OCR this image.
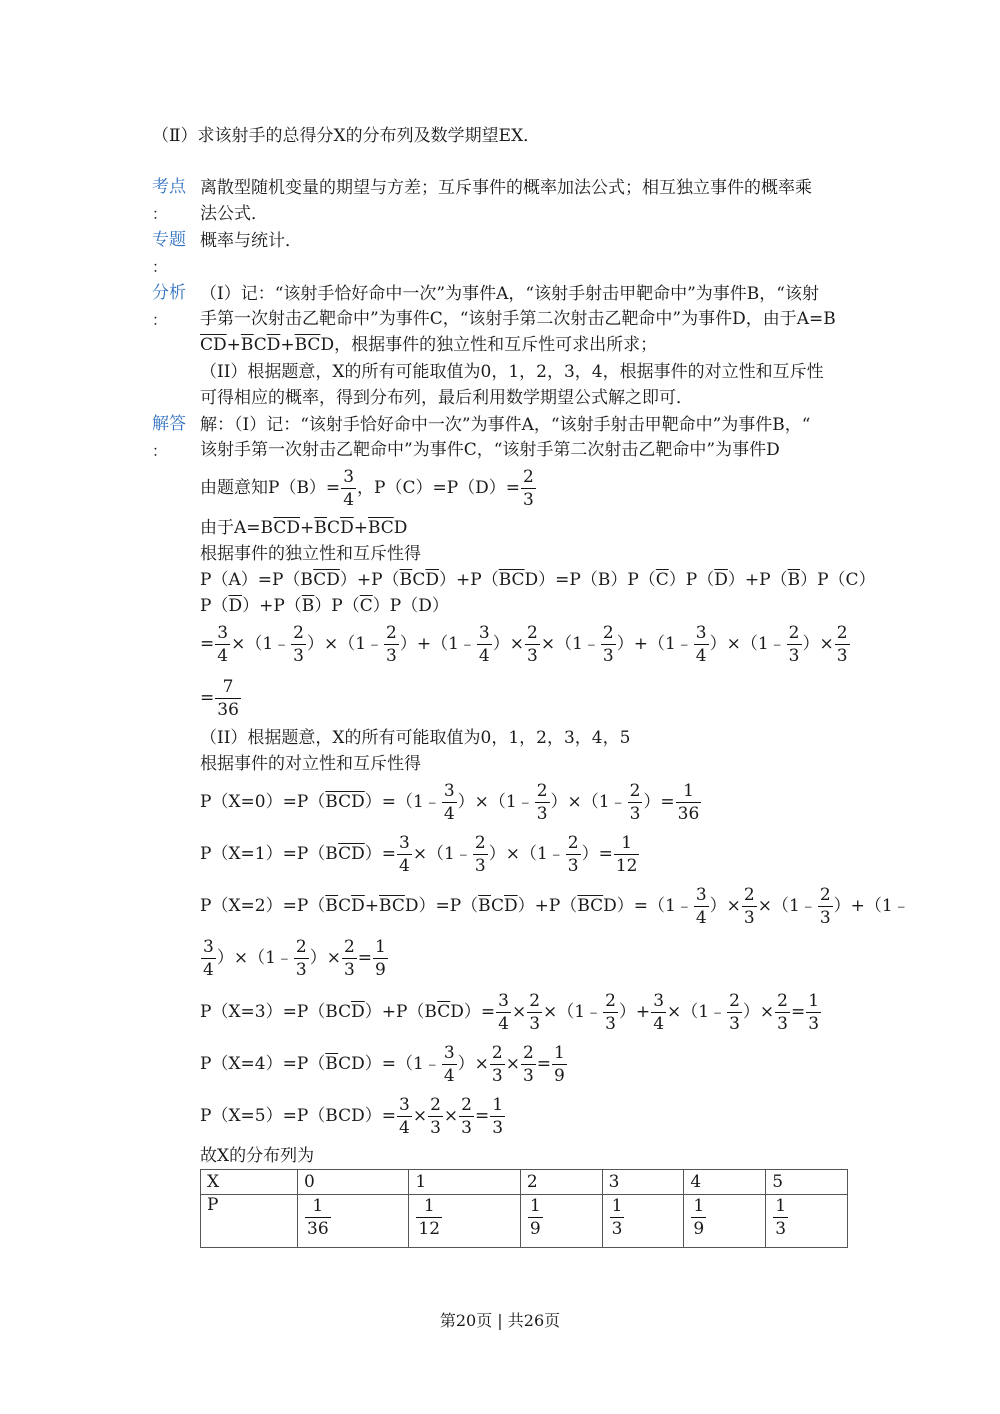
（Ⅱ）求该射手的总得分X的分布列及数学期望EX．
考点
：
离散型随机变量的期望与方差；互斥事件的概率加法公式；相互独立事件的概率乘
法公式．
专题
：
概率与统计．
分析
：
（I）记：“该射手恰好命中一次”为事件A，“该射手射击甲靶命中”为事件B，“该射
手第一次射击乙靶命中”为事件C，“该射手第二次射击乙靶命中”为事件D，由于A=B
$\overline{CD}+\overline{B}C\overline{D}+\overline{BC}D$，根据事件的独立性和互斥性可求出所求；
（II）根据题意，X的所有可能取值为0，1，2，3，4，根据事件的对立性和互斥性
可得相应的概率，得到分布列，最后利用数学期望公式解之即可．
解答
：
解：（I）记：“该射手恰好命中一次”为事件A，“该射手射击甲靶命中”为事件B，“
该射手第一次射击乙靶命中”为事件C，“该射手第二次射击乙靶命中”为事件D
由题意知$P(B)= \frac{3}{4}$ ，$P(C)=P(D)= \frac{2}{3}$
由于$A=B\overline{CD}+\overline{B}C\overline{D}+\overline{BC}D$
根据事件的独立性和互斥性得
$P(A)=P(B\overline{CD})+P(\overline{B}C\overline{D})+P(\overline{BC}D)=P(B)P(\overline{C})P(\overline{D})+P(\overline{B})P(C)$
$P(\overline{D})+P(\overline{B})P(\overline{C})P(D)$
= $\frac{3}{4}$ ×（1﹣ $\frac{2}{3}$ ）×（1﹣ $\frac{2}{3}$ ）+（1﹣ $\frac{3}{4}$ ）× $\frac{2}{3}$ ×（1﹣ $\frac{2}{3}$ ）+（1﹣ $\frac{3}{4}$ ）×（1﹣ $\frac{2}{3}$ ）× $\frac{2}{3}$
= $\frac{7}{36}$
（II）根据题意，X的所有可能取值为0，1，2，3，4，5
根据事件的对立性和互斥性得
$P(X=0)=P(\overline{BCD})=(1﹣ \frac{3}{4}$ ）×（1﹣ $\frac{2}{3}$ ）×（1﹣ $\frac{2}{3}$ ）= $\frac{1}{36}$
$P(X=1)=P(B\overline{CD})= \frac{3}{4}$ ×（1﹣ $\frac{2}{3}$ ）×（1﹣ $\frac{2}{3}$ ）= $\frac{1}{12}$
$P(X=2)=P(\overline{B}C\overline{D}+\overline{BC}D)=P(\overline{B}C\overline{D})+P(\overline{BC}D)=(1﹣ \frac{3}{4}$ ）× $\frac{2}{3}$ ×（1﹣ $\frac{2}{3}$ ）+（1﹣
$\frac{3}{4}$ ）×（1﹣ $\frac{2}{3}$ ）× $\frac{2}{3} = \frac{1}{9}$
$P(X=3)=P(BC\overline{D})+P(B\overline{C}D)= \frac{3}{4} \times \frac{2}{3}$ ×（1﹣ $\frac{2}{3}$ ）+ $\frac{3}{4}$ ×（1﹣ $\frac{2}{3}$ ）× $\frac{2}{3} = \frac{1}{3}$
$P(X=4)=P(\overline{B}CD)=(1﹣ \frac{3}{4}$ ）× $\frac{2}{3} \times \frac{2}{3} = \frac{1}{9}$
$P(X=5)=P(BCD)= \frac{3}{4} \times \frac{2}{3} \times \frac{2}{3} = \frac{1}{3}$
故X的分布列为
X	0	1	2	3	4	5
P	$\frac{1}{36}$	$\frac{1}{12}$	$\frac{1}{9}$	$\frac{1}{3}$	$\frac{1}{9}$	$\frac{1}{3}$
第20页 | 共26页
